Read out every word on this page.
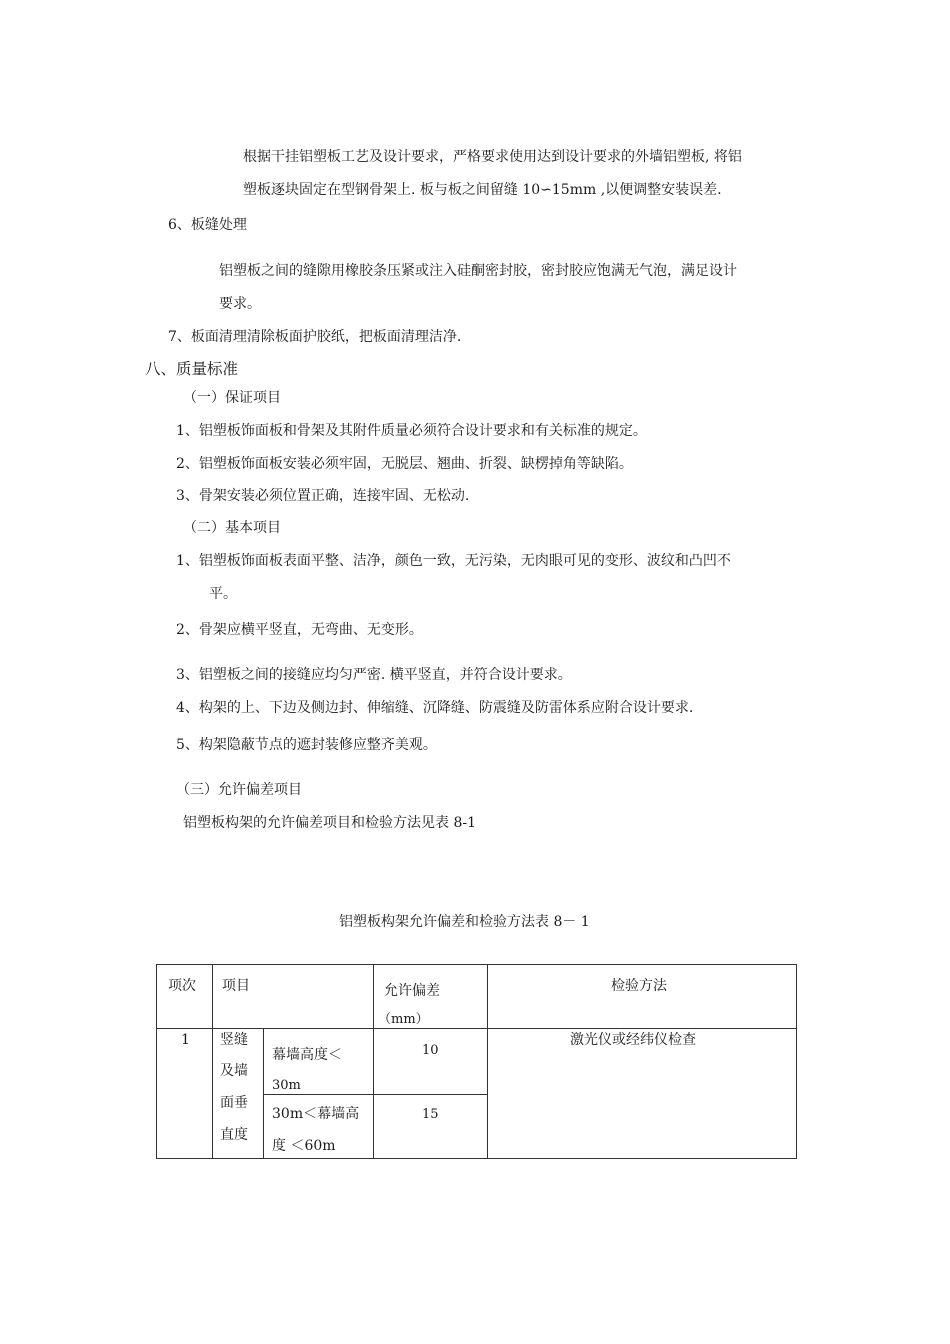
根据干挂铝塑板工艺及设计要求，严格要求使用达到设计要求的外墙铝塑板, 将铝
塑板逐块固定在型钢骨架上. 板与板之间留缝 10∽15mm ,以便调整安装误差.
6、板缝处理
铝塑板之间的缝隙用橡胶条压紧或注入硅酮密封胶，密封胶应饱满无气泡，满足设计
要求。
7、板面清理清除板面护胶纸，把板面清理洁净.
八、质量标准
（一）保证项目
1、铝塑板饰面板和骨架及其附件质量必须符合设计要求和有关标准的规定。
2、铝塑板饰面板安装必须牢固，无脱层、翘曲、折裂、缺楞掉角等缺陷。
3、骨架安装必须位置正确，连接牢固、无松动.
（二）基本项目
1、铝塑板饰面板表面平整、洁净，颜色一致，无污染，无肉眼可见的变形、波纹和凸凹不
平。
2、骨架应横平竖直，无弯曲、无变形。
3、铝塑板之间的接缝应均匀严密. 横平竖直，并符合设计要求。
4、构架的上、下边及侧边封、伸缩缝、沉降缝、防震缝及防雷体系应附合设计要求.
5、构架隐蔽节点的遮封装修应整齐美观。
（三）允许偏差项目
铝塑板构架的允许偏差项目和检验方法见表 8-1
铝塑板构架允许偏差和检验方法表 8－ 1
项次 项目	允许偏差
（mm）
检验方法
1 竖缝
及墙
面垂
直度
幕墙高度＜
30m
10
30m＜幕墙高
度 ＜60m
15
激光仪或经纬仪检查
